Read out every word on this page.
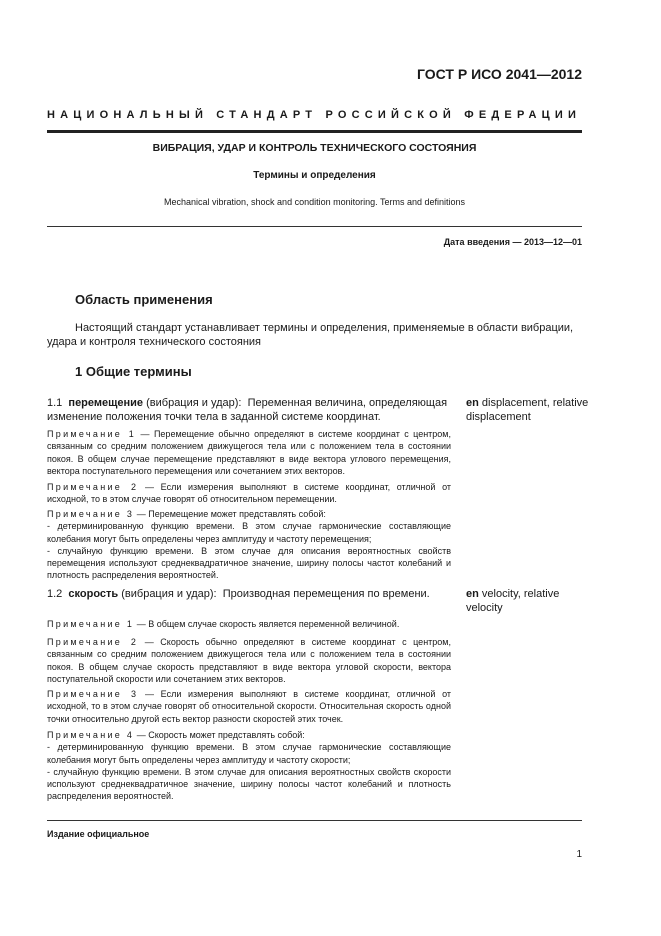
ГОСТ Р ИСО 2041—2012
НАЦИОНАЛЬНЫЙ СТАНДАРТ РОССИЙСКОЙ ФЕДЕРАЦИИ
ВИБРАЦИЯ, УДАР И КОНТРОЛЬ ТЕХНИЧЕСКОГО СОСТОЯНИЯ
Термины и определения
Mechanical vibration, shock and condition monitoring. Terms and definitions
Дата введения — 2013—12—01
Область применения
Настоящий стандарт устанавливает термины и определения, применяемые в области вибрации, удара и контроля технического состояния
1 Общие термины
1.1 перемещение (вибрация и удар): Переменная величина, определяющая изменение положения точки тела в заданной системе координат.
en displacement, relative displacement
Примечание 1 — Перемещение обычно определяют в системе координат с центром, связанным со средним положением движущегося тела или с положением тела в состоянии покоя. В общем случае перемещение представляют в виде вектора углового перемещения, вектора поступательного перемещения или сочетанием этих векторов.
Примечание 2 — Если измерения выполняют в системе координат, отличной от исходной, то в этом случае говорят об относительном перемещении.
Примечание 3 — Перемещение может представлять собой:
- детерминированную функцию времени. В этом случае гармонические составляющие колебания могут быть определены через амплитуду и частоту перемещения;
- случайную функцию времени. В этом случае для описания вероятностных свойств перемещения используют среднеквадратичное значение, ширину полосы частот колебаний и плотность распределения вероятностей.
1.2 скорость (вибрация и удар): Производная перемещения по времени.	en velocity, relative velocity
Примечание 1 — В общем случае скорость является переменной величиной.
Примечание 2 — Скорость обычно определяют в системе координат с центром, связанным со средним положением движущегося тела или с положением тела в состоянии покоя. В общем случае скорость представляют в виде вектора угловой скорости, вектора поступательной скорости или сочетанием этих векторов.
Примечание 3 — Если измерения выполняют в системе координат, отличной от исходной, то в этом случае говорят об относительной скорости. Относительная скорость одной точки относительно другой есть вектор разности скоростей этих точек.
Примечание 4 — Скорость может представлять собой:
- детерминированную функцию времени. В этом случае гармонические составляющие колебания могут быть определены через амплитуду и частоту скорости;
- случайную функцию времени. В этом случае для описания вероятностных свойств скорости используют среднеквадратичное значение, ширину полосы частот колебаний и плотность распределения вероятностей.
Издание официальное
1
